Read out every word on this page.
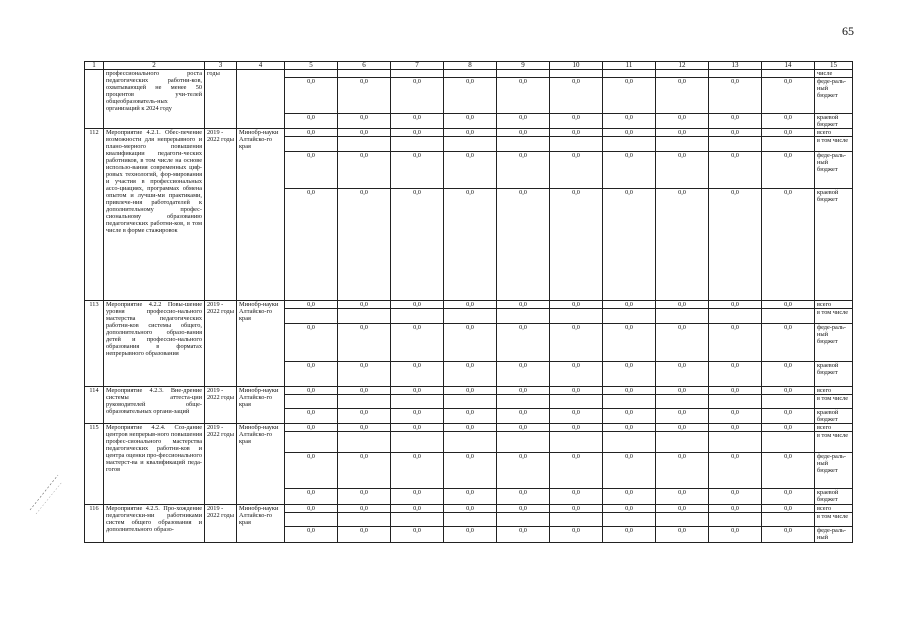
65
1	2	3	4	5	6	7	8	9	10	11	12	13	14	15
	профессионального роста педагогических работни-ков, охватывающей не менее 50 процентов учи-телей общеобразователь-ных организаций к 2024 году	годы												числе
				0,0	0,0	0,0	0,0	0,0	0,0	0,0	0,0	0,0	0,0	феде-раль-ный бюджет
				0,0	0,0	0,0	0,0	0,0	0,0	0,0	0,0	0,0	0,0	краевой бюджет
112	Мероприятие 4.2.1. Обес-печение возможности для непрерывного и плано-мерного повышения квалификации педагоги-ческих работников, в том числе на основе использо-вания современных циф-ровых технологий, фор-мирования и участия в профессиональных ассо-циациях, программах обмена опытом и лучши-ми практиками, привлече-ния работодателей к дополнительному профес-сиональному образованию педагогических работни-ков, в том числе в форме стажировок	2019 - 2022 годы	Минобр-науки Алтайско-го края	0,0	0,0	0,0	0,0	0,0	0,0	0,0	0,0	0,0	0,0	всего
														в том числе
				0,0	0,0	0,0	0,0	0,0	0,0	0,0	0,0	0,0	0,0	феде-раль-ный бюджет
				0,0	0,0	0,0	0,0	0,0	0,0	0,0	0,0	0,0	0,0	краевой бюджет
113	Мероприятие 4.2.2 Повы-шение уровня профессио-нального мастерства педагогических работни-ков системы общего, дополнительного образо-вания детей и профессио-нального образования в форматах непрерывного образования	2019 - 2022 годы	Минобр-науки Алтайско-го края	0,0	0,0	0,0	0,0	0,0	0,0	0,0	0,0	0,0	0,0	всего
														в том числе
				0,0	0,0	0,0	0,0	0,0	0,0	0,0	0,0	0,0	0,0	феде-раль-ный бюджет
				0,0	0,0	0,0	0,0	0,0	0,0	0,0	0,0	0,0	0,0	краевой бюджет
114	Мероприятие 4.2.3. Вне-дрение системы аттеста-ции руководителей обще-образовательных органи-заций	2019 - 2022 годы	Минобр-науки Алтайско-го края	0,0	0,0	0,0	0,0	0,0	0,0	0,0	0,0	0,0	0,0	всего
														в том числе
				0,0	0,0	0,0	0,0	0,0	0,0	0,0	0,0	0,0	0,0	краевой бюджет
115	Мероприятие 4.2.4. Соз-дание центров непрерыв-ного повышения профес-сионального мастерства педагогических работни-ков и центра оценки про-фессионального мастерст-ва и квалификаций педа-гогов	2019 - 2022 годы	Минобр-науки Алтайско-го края	0,0	0,0	0,0	0,0	0,0	0,0	0,0	0,0	0,0	0,0	всего
														в том числе
				0,0	0,0	0,0	0,0	0,0	0,0	0,0	0,0	0,0	0,0	феде-раль-ный бюджет
				0,0	0,0	0,0	0,0	0,0	0,0	0,0	0,0	0,0	0,0	краевой бюджет
116	Мероприятие 4.2.5. Про-хождение педагогически-ми работниками систем общего образования и дополнительного образо-	2019 - 2022 годы	Минобр-науки Алтайско-го края	0,0	0,0	0,0	0,0	0,0	0,0	0,0	0,0	0,0	0,0	всего
														в том числе
				0,0	0,0	0,0	0,0	0,0	0,0	0,0	0,0	0,0	0,0	феде-раль-ный
